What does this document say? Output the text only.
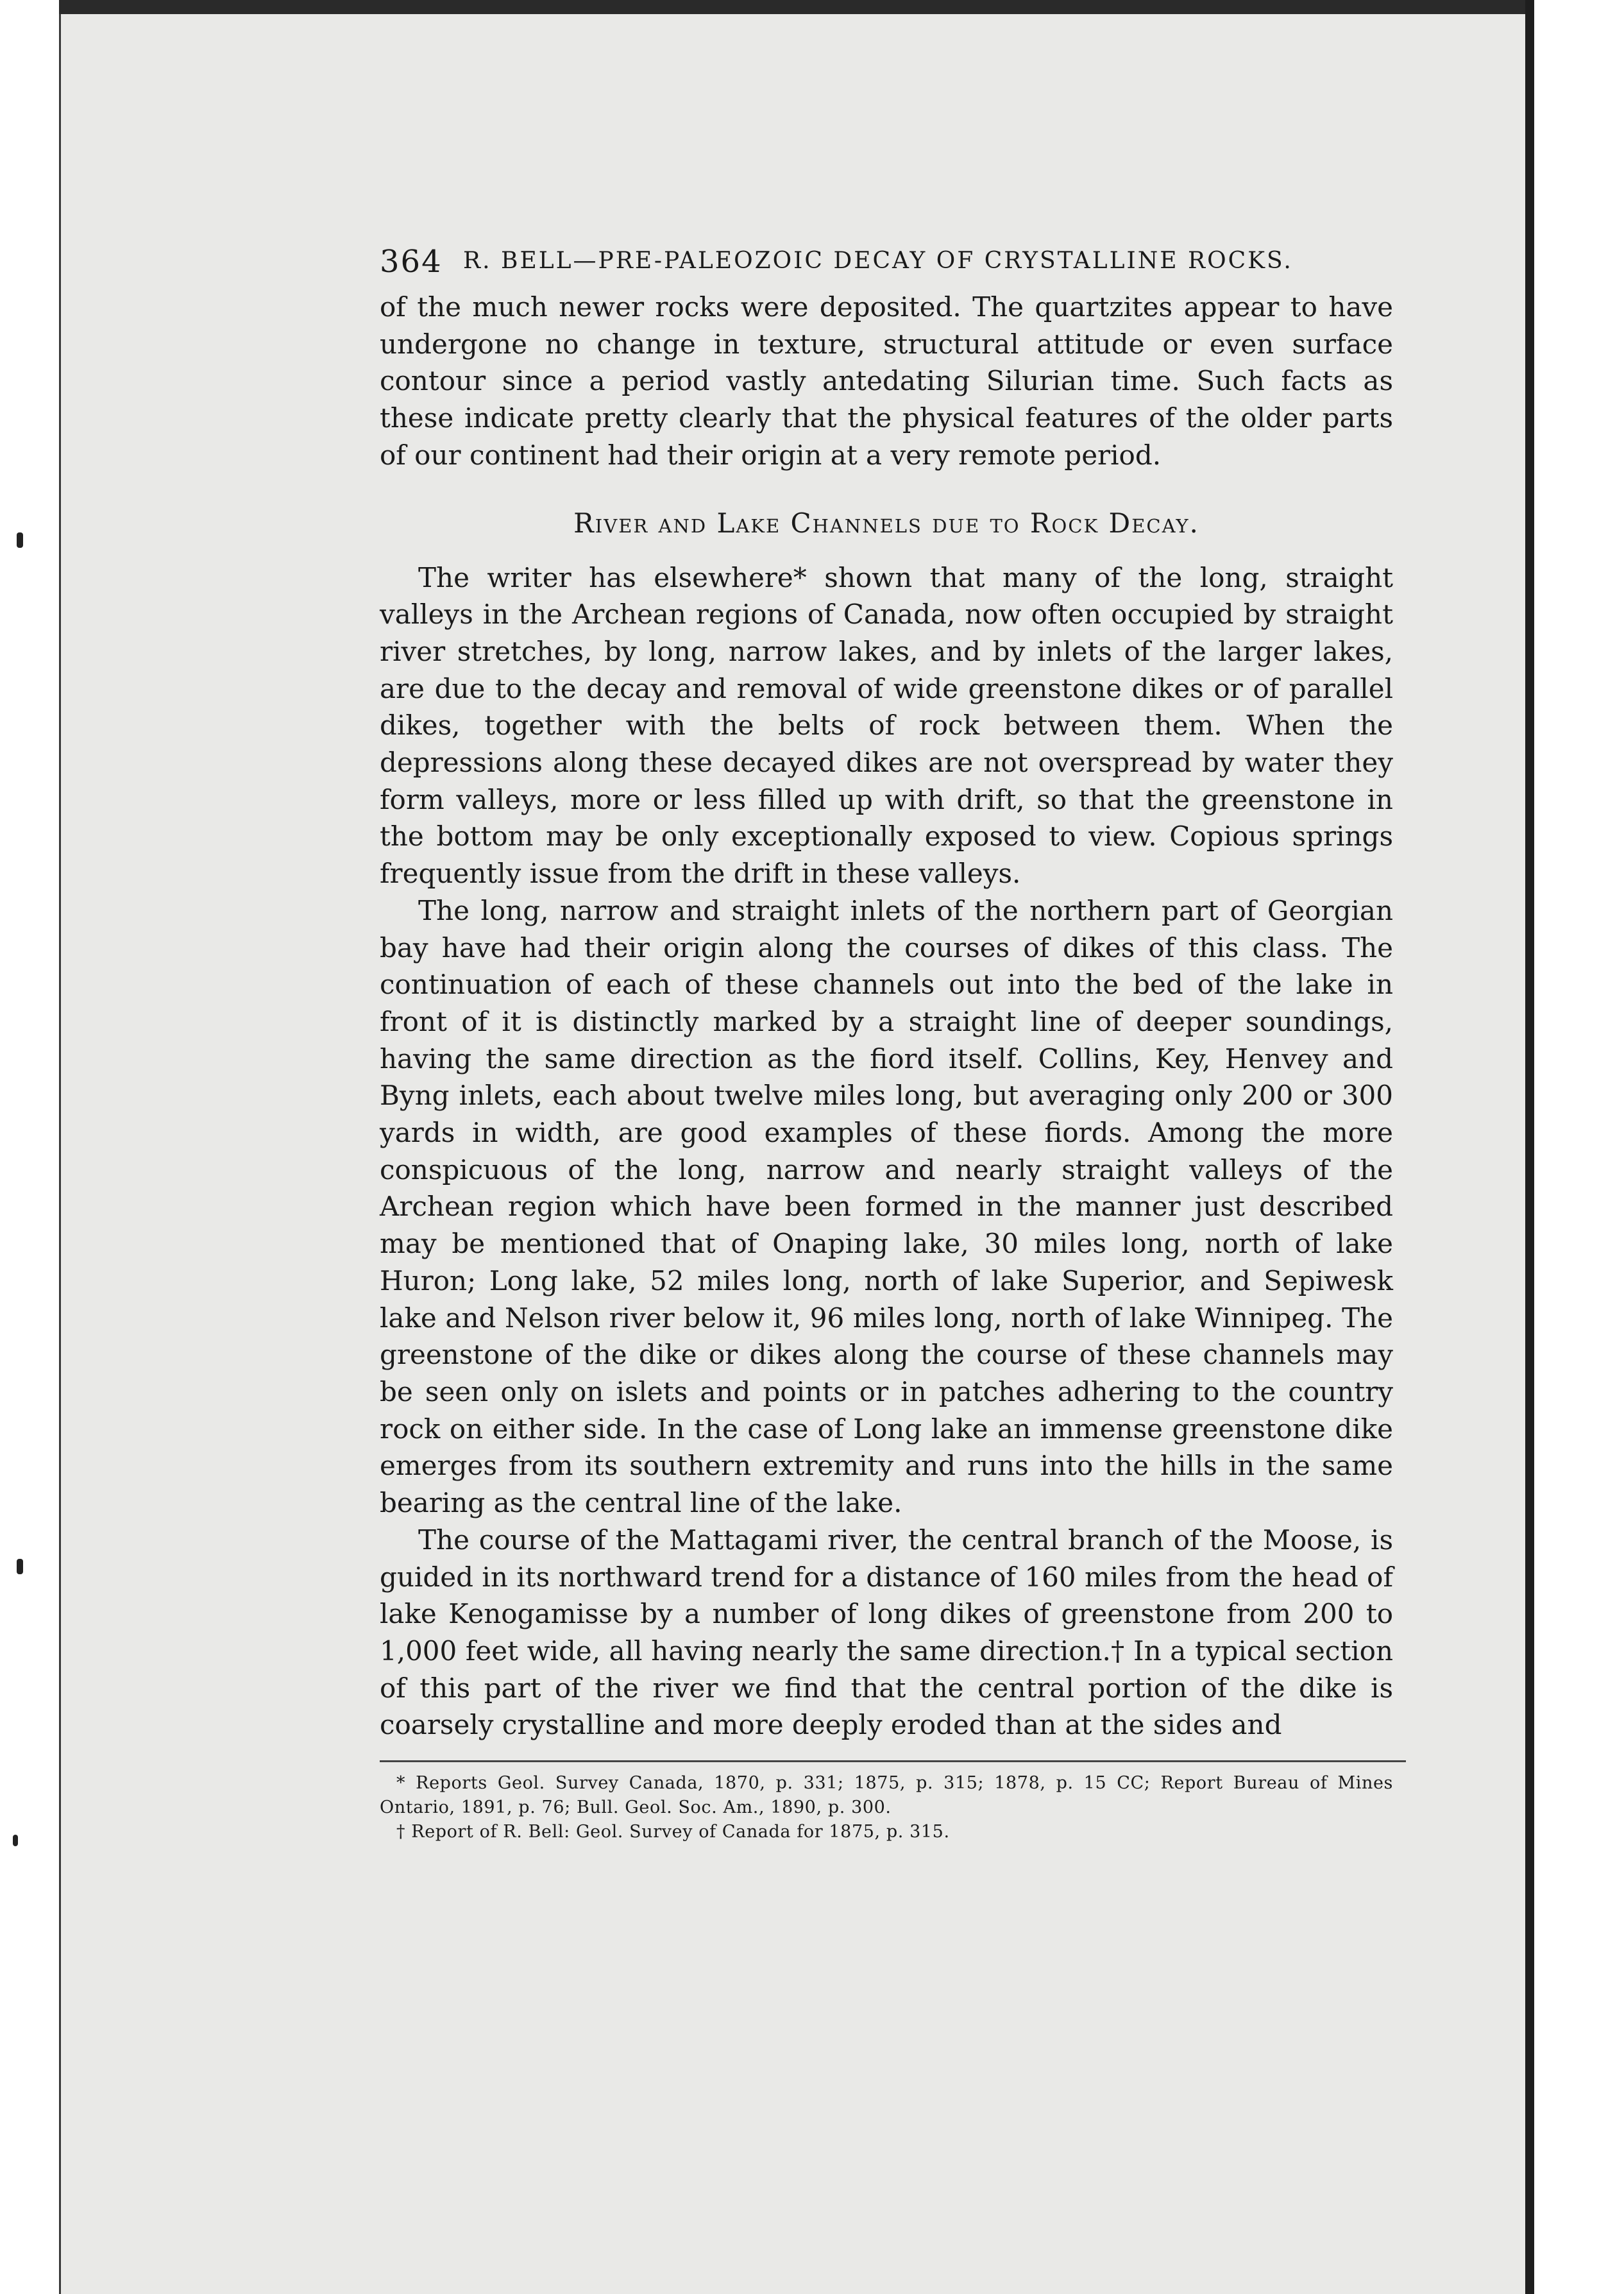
364 R. BELL—PRE-PALEOZOIC DECAY OF CRYSTALLINE ROCKS.

of the much newer rocks were deposited. The quartzites appear to have undergone no change in texture, structural attitude or even surface contour since a period vastly antedating Silurian time. Such facts as these indicate pretty clearly that the physical features of the older parts of our continent had their origin at a very remote period.

River and Lake Channels due to Rock Decay.

The writer has elsewhere* shown that many of the long, straight valleys in the Archean regions of Canada, now often occupied by straight river stretches, by long, narrow lakes, and by inlets of the larger lakes, are due to the decay and removal of wide greenstone dikes or of parallel dikes, together with the belts of rock between them. When the depressions along these decayed dikes are not overspread by water they form valleys, more or less filled up with drift, so that the greenstone in the bottom may be only exceptionally exposed to view. Copious springs frequently issue from the drift in these valleys.

The long, narrow and straight inlets of the northern part of Georgian bay have had their origin along the courses of dikes of this class. The continuation of each of these channels out into the bed of the lake in front of it is distinctly marked by a straight line of deeper soundings, having the same direction as the fiord itself. Collins, Key, Henvey and Byng inlets, each about twelve miles long, but averaging only 200 or 300 yards in width, are good examples of these fiords. Among the more conspicuous of the long, narrow and nearly straight valleys of the Archean region which have been formed in the manner just described may be mentioned that of Onaping lake, 30 miles long, north of lake Huron; Long lake, 52 miles long, north of lake Superior, and Sepiwesk lake and Nelson river below it, 96 miles long, north of lake Winnipeg. The greenstone of the dike or dikes along the course of these channels may be seen only on islets and points or in patches adhering to the country rock on either side. In the case of Long lake an immense greenstone dike emerges from its southern extremity and runs into the hills in the same bearing as the central line of the lake.

The course of the Mattagami river, the central branch of the Moose, is guided in its northward trend for a distance of 160 miles from the head of lake Kenogamisse by a number of long dikes of greenstone from 200 to 1,000 feet wide, all having nearly the same direction.† In a typical section of this part of the river we find that the central portion of the dike is coarsely crystalline and more deeply eroded than at the sides and

* Reports Geol. Survey Canada, 1870, p. 331; 1875, p. 315; 1878, p. 15 CC; Report Bureau of Mines Ontario, 1891, p. 76; Bull. Geol. Soc. Am., 1890, p. 300.

† Report of R. Bell: Geol. Survey of Canada for 1875, p. 315.
